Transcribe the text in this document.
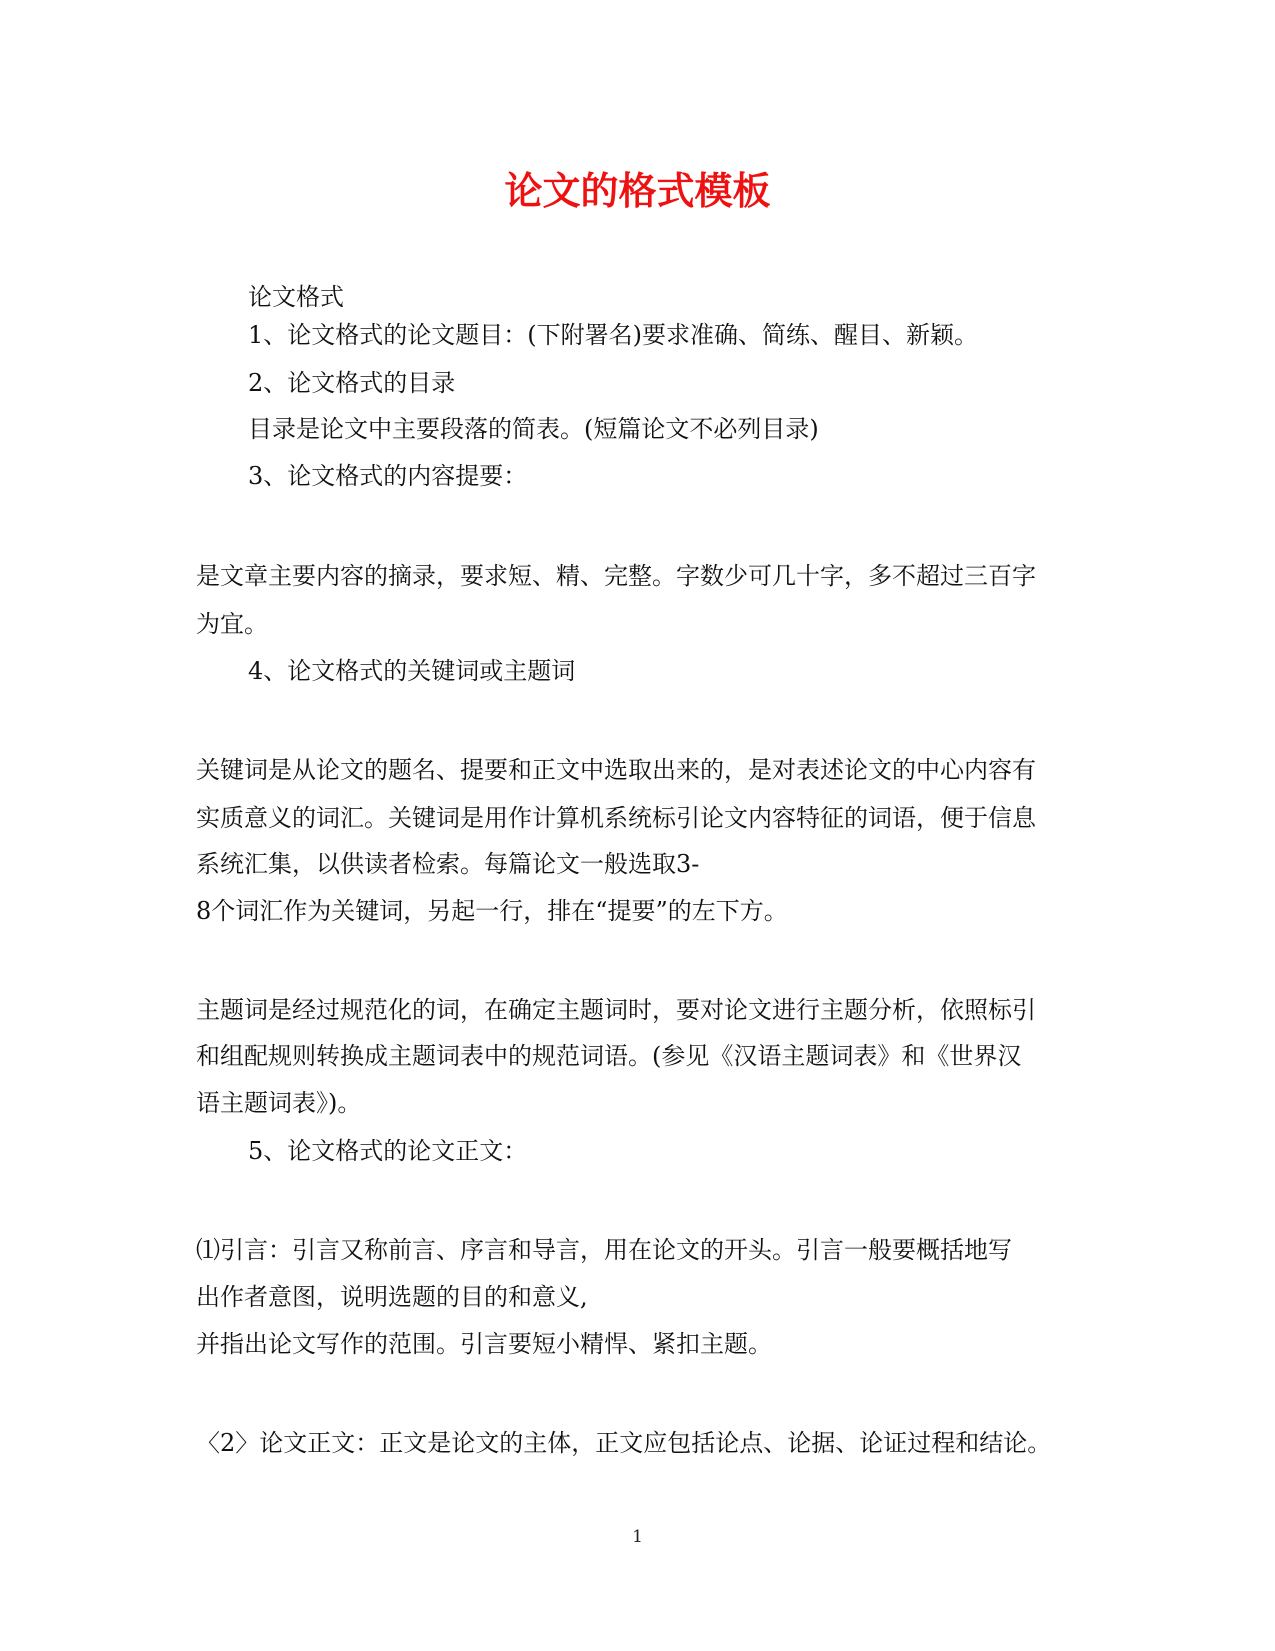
论文的格式模板

论文格式

1、论文格式的论文题目：(下附署名)要求准确、简练、醒目、新颖。

2、论文格式的目录

目录是论文中主要段落的简表。(短篇论文不必列目录)

3、论文格式的内容提要：

是文章主要内容的摘录，要求短、精、完整。字数少可几十字，多不超过三百字

为宜。

4、论文格式的关键词或主题词

关键词是从论文的题名、提要和正文中选取出来的，是对表述论文的中心内容有

实质意义的词汇。关键词是用作计算机系统标引论文内容特征的词语，便于信息

系统汇集，以供读者检索。每篇论文一般选取3-

8个词汇作为关键词，另起一行，排在“提要”的左下方。

主题词是经过规范化的词，在确定主题词时，要对论文进行主题分析，依照标引

和组配规则转换成主题词表中的规范词语。(参见《汉语主题词表》和《世界汉

语主题词表》)。

5、论文格式的论文正文：

⑴引言：引言又称前言、序言和导言，用在论文的开头。引言一般要概括地写

出作者意图，说明选题的目的和意义,

并指出论文写作的范围。引言要短小精悍、紧扣主题。

〈2〉论文正文：正文是论文的主体，正文应包括论点、论据、论证过程和结论。

1
